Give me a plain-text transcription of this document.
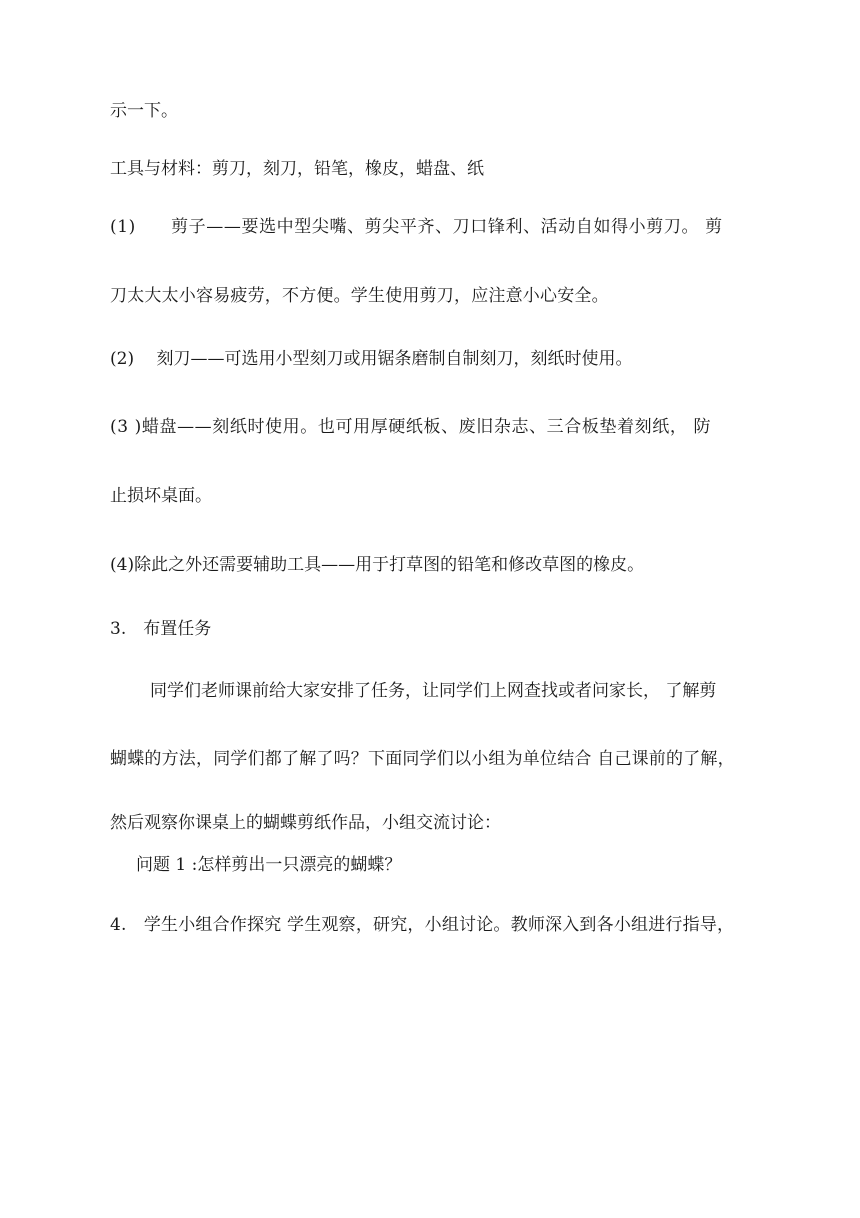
示一下。
工具与材料：剪刀，刻刀，铅笔，橡皮，蜡盘、纸
(1)　　剪子——要选中型尖嘴、剪尖平齐、刀口锋利、活动自如得小剪刀。 剪
刀太大太小容易疲劳，不方便。学生使用剪刀，应注意小心安全。
(2)　 刻刀——可选用小型刻刀或用锯条磨制自制刻刀，刻纸时使用。
(3 )蜡盘——刻纸时使用。也可用厚硬纸板、废旧杂志、三合板垫着刻纸， 防
止损坏桌面。
(4)除此之外还需要辅助工具——用于打草图的铅笔和修改草图的橡皮。
3.　布置任务
同学们老师课前给大家安排了任务，让同学们上网查找或者问家长， 了解剪
蝴蝶的方法，同学们都了解了吗？下面同学们以小组为单位结合 自己课前的了解，
然后观察你课桌上的蝴蝶剪纸作品，小组交流讨论：
问题 1 :怎样剪出一只漂亮的蝴蝶？
4.　学生小组合作探究 学生观察，研究，小组讨论。教师深入到各小组进行指导，
